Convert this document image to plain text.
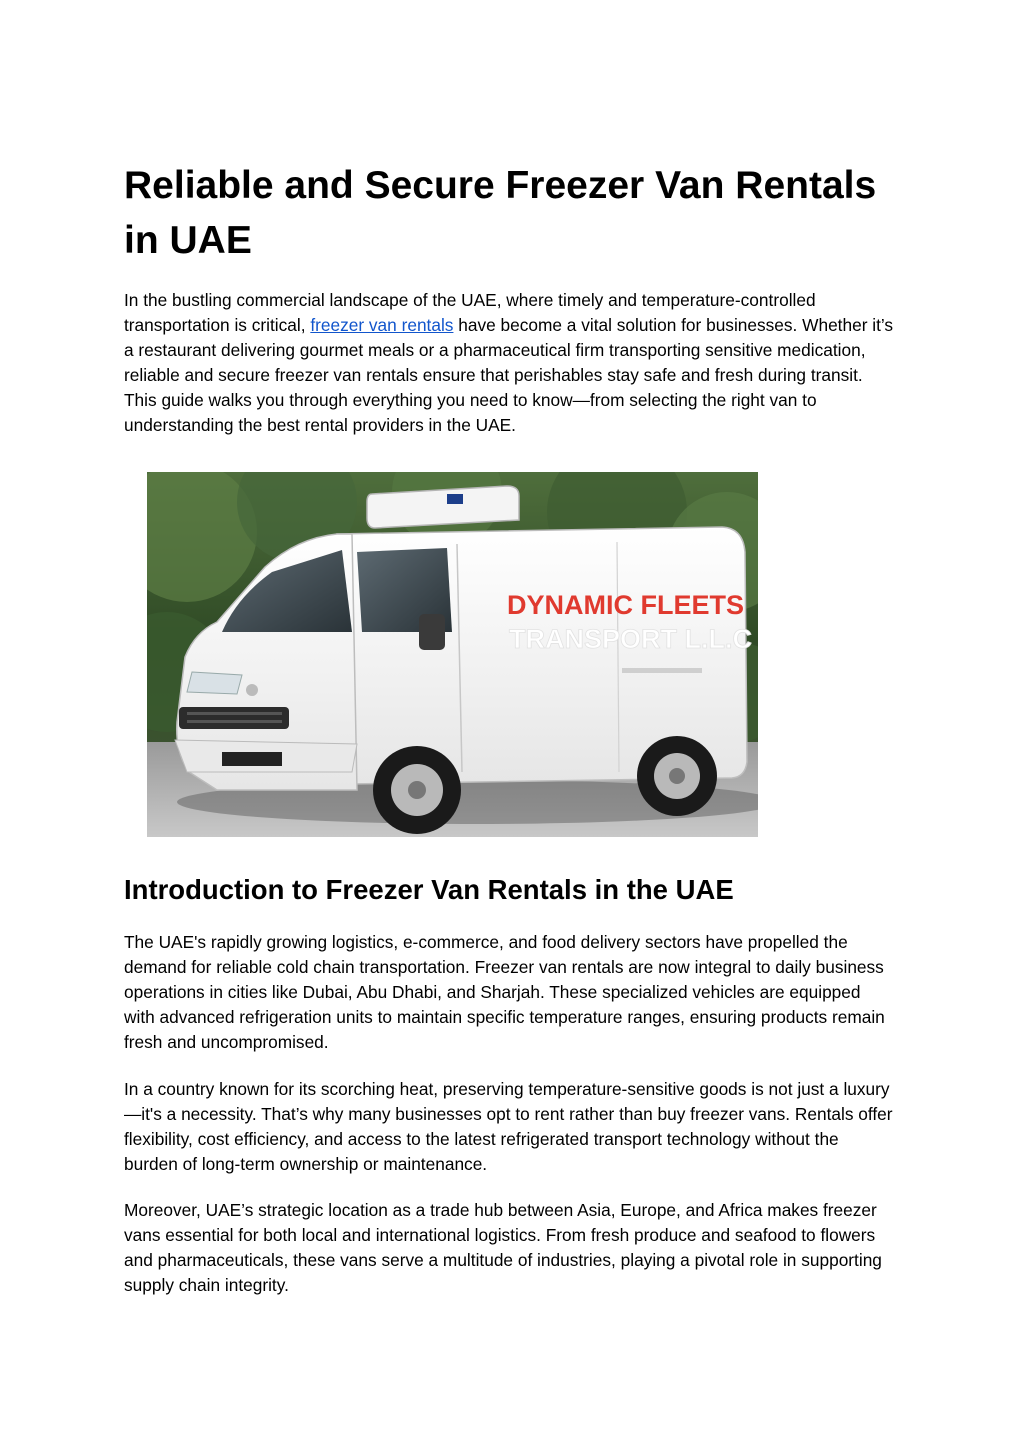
Reliable and Secure Freezer Van Rentals in UAE

In the bustling commercial landscape of the UAE, where timely and temperature-controlled transportation is critical, freezer van rentals have become a vital solution for businesses. Whether it’s a restaurant delivering gourmet meals or a pharmaceutical firm transporting sensitive medication, reliable and secure freezer van rentals ensure that perishables stay safe and fresh during transit. This guide walks you through everything you need to know—from selecting the right van to understanding the best rental providers in the UAE.

Introduction to Freezer Van Rentals in the UAE

The UAE's rapidly growing logistics, e-commerce, and food delivery sectors have propelled the demand for reliable cold chain transportation. Freezer van rentals are now integral to daily business operations in cities like Dubai, Abu Dhabi, and Sharjah. These specialized vehicles are equipped with advanced refrigeration units to maintain specific temperature ranges, ensuring products remain fresh and uncompromised.

In a country known for its scorching heat, preserving temperature-sensitive goods is not just a luxury—it's a necessity. That’s why many businesses opt to rent rather than buy freezer vans. Rentals offer flexibility, cost efficiency, and access to the latest refrigerated transport technology without the burden of long-term ownership or maintenance.

Moreover, UAE’s strategic location as a trade hub between Asia, Europe, and Africa makes freezer vans essential for both local and international logistics. From fresh produce and seafood to flowers and pharmaceuticals, these vans serve a multitude of industries, playing a pivotal role in supporting supply chain integrity.

DYNAMIC FLEETS
TRANSPORT L.L.C
